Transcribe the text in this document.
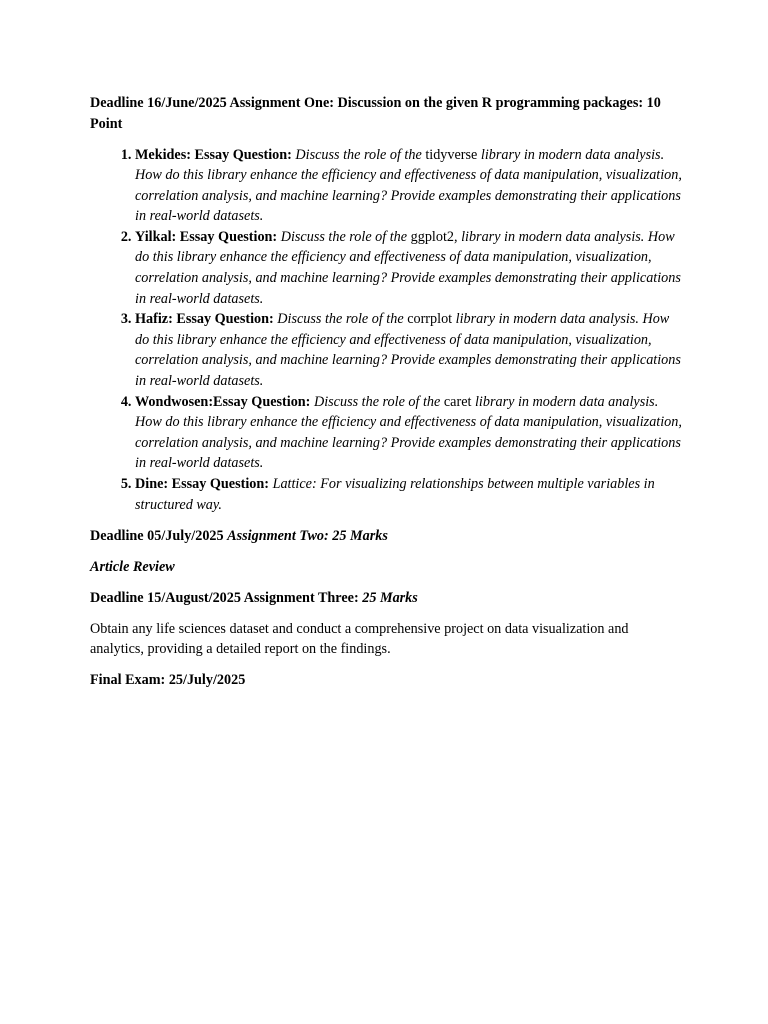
Deadline 16/June/2025 Assignment One: Discussion on the given R programming packages: 10 Point

1. Mekides: Essay Question: Discuss the role of the tidyverse library in modern data analysis. How do this library enhance the efficiency and effectiveness of data manipulation, visualization, correlation analysis, and machine learning? Provide examples demonstrating their applications in real-world datasets.
2. Yilkal: Essay Question: Discuss the role of the ggplot2, library in modern data analysis. How do this library enhance the efficiency and effectiveness of data manipulation, visualization, correlation analysis, and machine learning? Provide examples demonstrating their applications in real-world datasets.
3. Hafiz: Essay Question: Discuss the role of the corrplot library in modern data analysis. How do this library enhance the efficiency and effectiveness of data manipulation, visualization, correlation analysis, and machine learning? Provide examples demonstrating their applications in real-world datasets.
4. Wondwosen:Essay Question: Discuss the role of the caret library in modern data analysis. How do this library enhance the efficiency and effectiveness of data manipulation, visualization, correlation analysis, and machine learning? Provide examples demonstrating their applications in real-world datasets.
5. Dine: Essay Question: Lattice: For visualizing relationships between multiple variables in structured way.

Deadline 05/July/2025 Assignment Two: 25 Marks

Article Review

Deadline 15/August/2025 Assignment Three: 25 Marks

Obtain any life sciences dataset and conduct a comprehensive project on data visualization and analytics, providing a detailed report on the findings.

Final Exam: 25/July/2025
